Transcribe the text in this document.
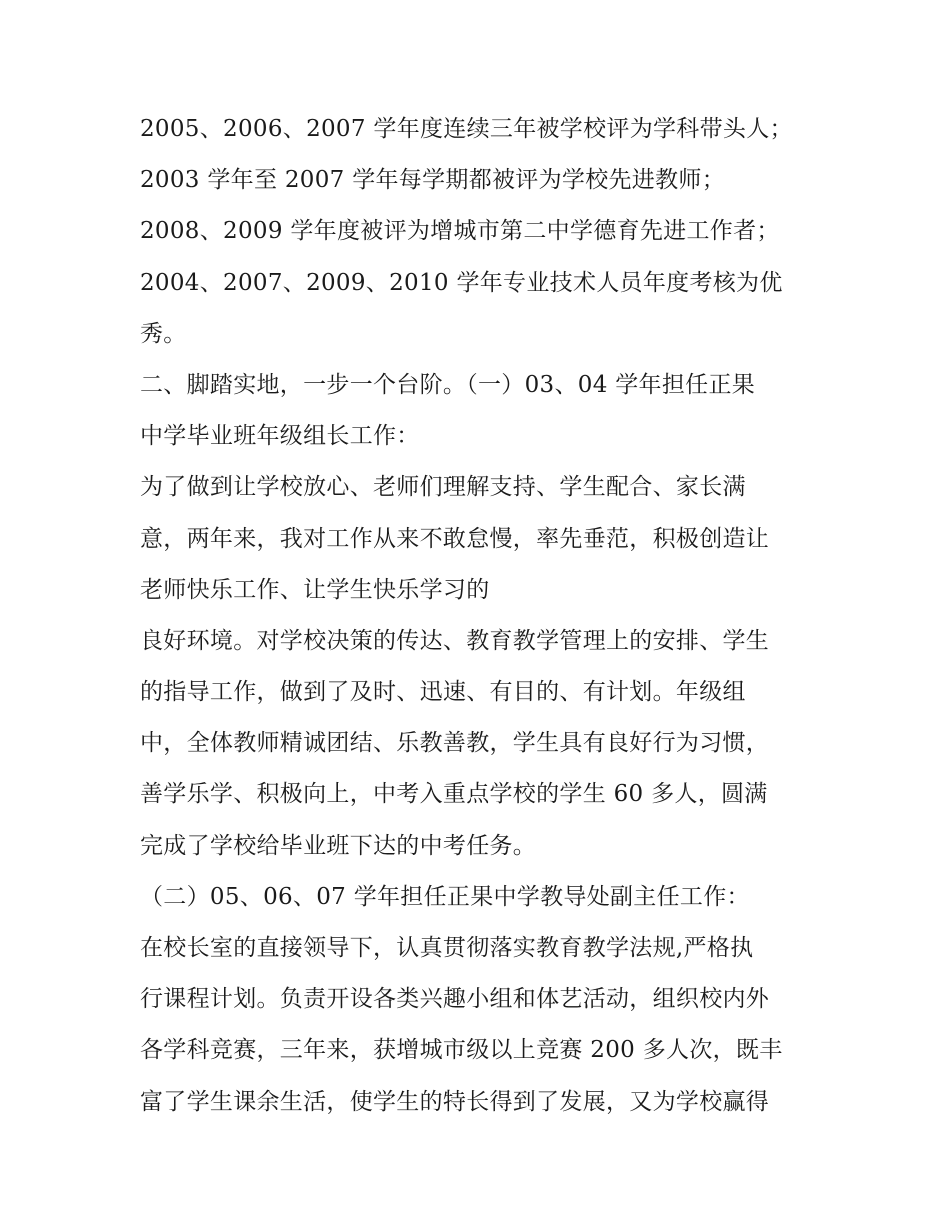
2005、2006、2007 学年度连续三年被学校评为学科带头人；
2003 学年至 2007 学年每学期都被评为学校先进教师；
2008、2009 学年度被评为增城市第二中学德育先进工作者；
2004、2007、2009、2010 学年专业技术人员年度考核为优
秀。
二、脚踏实地，一步一个台阶。（一）03、04 学年担任正果
中学毕业班年级组长工作：
为了做到让学校放心、老师们理解支持、学生配合、家长满
意，两年来，我对工作从来不敢怠慢，率先垂范，积极创造让
老师快乐工作、让学生快乐学习的
良好环境。对学校决策的传达、教育教学管理上的安排、学生
的指导工作，做到了及时、迅速、有目的、有计划。年级组
中，全体教师精诚团结、乐教善教，学生具有良好行为习惯，
善学乐学、积极向上，中考入重点学校的学生 60 多人，圆满
完成了学校给毕业班下达的中考任务。
（二）05、06、07 学年担任正果中学教导处副主任工作：
在校长室的直接领导下，认真贯彻落实教育教学法规,严格执
行课程计划。负责开设各类兴趣小组和体艺活动，组织校内外
各学科竞赛，三年来，获增城市级以上竞赛 200 多人次，既丰
富了学生课余生活，使学生的特长得到了发展，又为学校赢得
